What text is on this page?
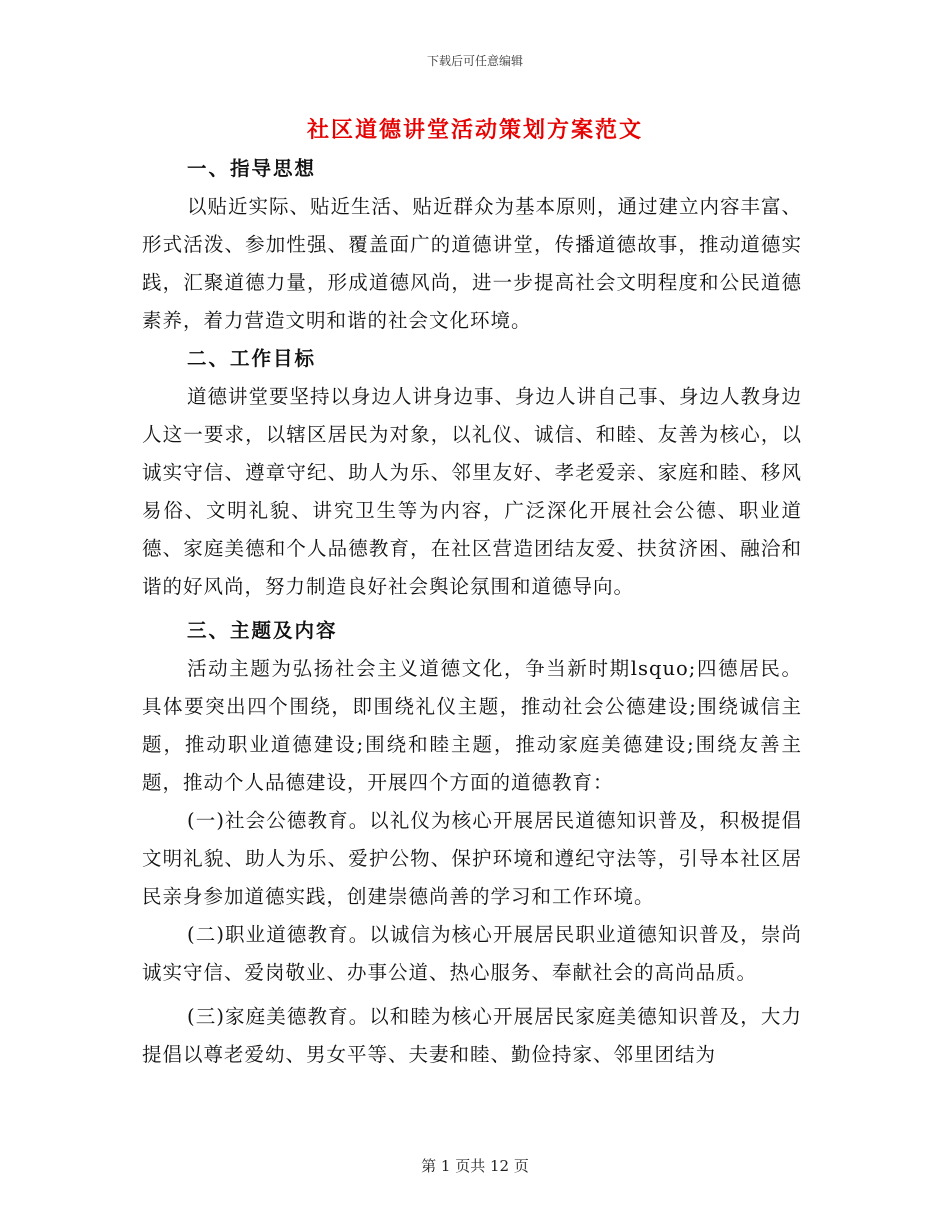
下载后可任意编辑
社区道德讲堂活动策划方案范文
一、指导思想

以贴近实际、贴近生活、贴近群众为基本原则，通过建立内容丰富、形式活泼、参加性强、覆盖面广的道德讲堂，传播道德故事，推动道德实践，汇聚道德力量，形成道德风尚，进一步提高社会文明程度和公民道德素养，着力营造文明和谐的社会文化环境。

二、工作目标

道德讲堂要坚持以身边人讲身边事、身边人讲自己事、身边人教身边人这一要求，以辖区居民为对象，以礼仪、诚信、和睦、友善为核心，以诚实守信、遵章守纪、助人为乐、邻里友好、孝老爱亲、家庭和睦、移风易俗、文明礼貌、讲究卫生等为内容，广泛深化开展社会公德、职业道德、家庭美德和个人品德教育，在社区营造团结友爱、扶贫济困、融洽和谐的好风尚，努力制造良好社会舆论氛围和道德导向。

三、主题及内容

活动主题为弘扬社会主义道德文化，争当新时期lsquo;四德居民。具体要突出四个围绕，即围绕礼仪主题，推动社会公德建设;围绕诚信主题，推动职业道德建设;围绕和睦主题，推动家庭美德建设;围绕友善主题，推动个人品德建设，开展四个方面的道德教育：

(一)社会公德教育。以礼仪为核心开展居民道德知识普及，积极提倡文明礼貌、助人为乐、爱护公物、保护环境和遵纪守法等，引导本社区居民亲身参加道德实践，创建崇德尚善的学习和工作环境。

(二)职业道德教育。以诚信为核心开展居民职业道德知识普及，崇尚诚实守信、爱岗敬业、办事公道、热心服务、奉献社会的高尚品质。

(三)家庭美德教育。以和睦为核心开展居民家庭美德知识普及，大力提倡以尊老爱幼、男女平等、夫妻和睦、勤俭持家、邻里团结为

第 1 页共 12 页
